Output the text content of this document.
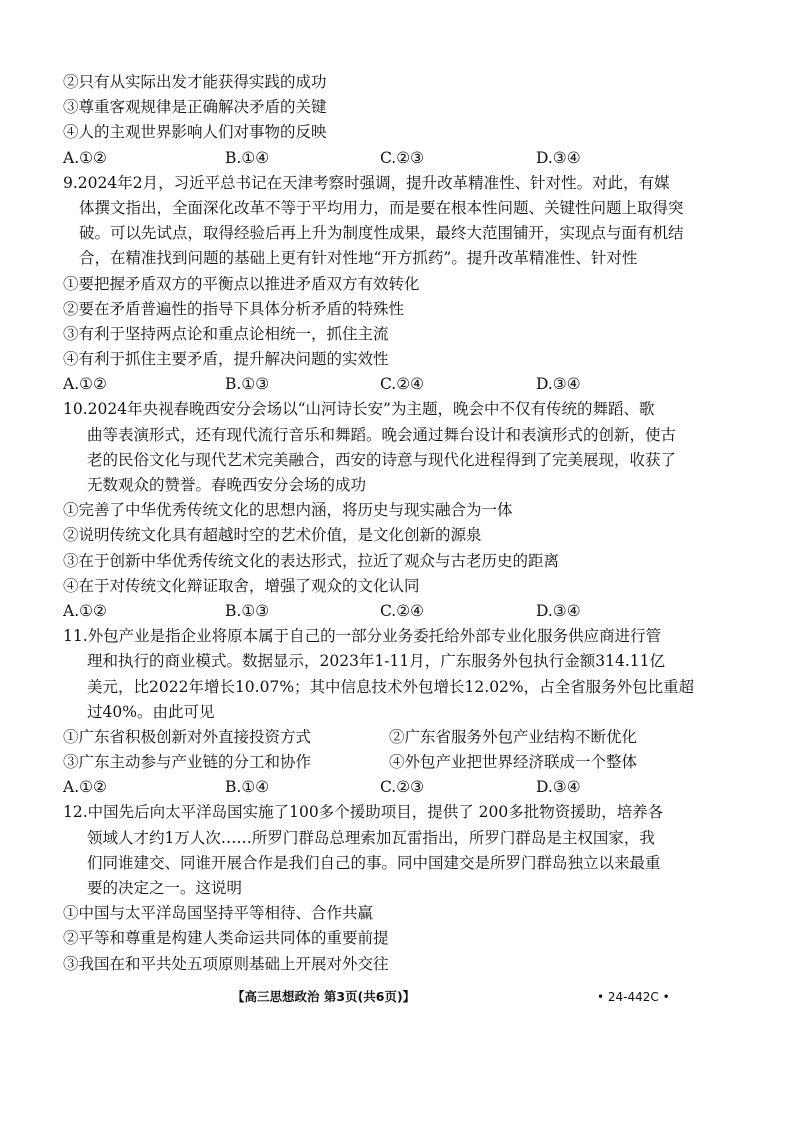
②只有从实际出发才能获得实践的成功
③尊重客观规律是正确解决矛盾的关键
④人的主观世界影响人们对事物的反映
A.①②	B.①④	C.②③	D.③④
9.2024年2月，习近平总书记在天津考察时强调，提升改革精准性、针对性。对此，有媒
体撰文指出，全面深化改革不等于平均用力，而是要在根本性问题、关键性问题上取得突
破。可以先试点，取得经验后再上升为制度性成果，最终大范围铺开，实现点与面有机结
合，在精准找到问题的基础上更有针对性地“开方抓药”。提升改革精准性、针对性
①要把握矛盾双方的平衡点以推进矛盾双方有效转化
②要在矛盾普遍性的指导下具体分析矛盾的特殊性
③有利于坚持两点论和重点论相统一，抓住主流
④有利于抓住主要矛盾，提升解决问题的实效性
A.①②	B.①③	C.②④	D.③④
10.2024年央视春晚西安分会场以“山河诗长安”为主题，晚会中不仅有传统的舞蹈、歌
曲等表演形式，还有现代流行音乐和舞蹈。晚会通过舞台设计和表演形式的创新，使古
老的民俗文化与现代艺术完美融合，西安的诗意与现代化进程得到了完美展现，收获了
无数观众的赞誉。春晚西安分会场的成功
①完善了中华优秀传统文化的思想内涵，将历史与现实融合为一体
②说明传统文化具有超越时空的艺术价值，是文化创新的源泉
③在于创新中华优秀传统文化的表达形式，拉近了观众与古老历史的距离
④在于对传统文化辩证取舍，增强了观众的文化认同
A.①②	B.①③	C.②④	D.③④
11.外包产业是指企业将原本属于自己的一部分业务委托给外部专业化服务供应商进行管
理和执行的商业模式。数据显示，2023年1-11月，广东服务外包执行金额314.11亿
美元，比2022年增长10.07%；其中信息技术外包增长12.02%，占全省服务外包比重超
过40%。由此可见
①广东省积极创新对外直接投资方式	②广东省服务外包产业结构不断优化
③广东主动参与产业链的分工和协作	④外包产业把世界经济联成一个整体
A.①②	B.①④	C.②③	D.③④
12.中国先后向太平洋岛国实施了100多个援助项目，提供了 200多批物资援助，培养各
领域人才约1万人次……所罗门群岛总理索加瓦雷指出，所罗门群岛是主权国家，我
们同谁建交、同谁开展合作是我们自己的事。同中国建交是所罗门群岛独立以来最重
要的决定之一。这说明
①中国与太平洋岛国坚持平等相待、合作共赢
②平等和尊重是构建人类命运共同体的重要前提
③我国在和平共处五项原则基础上开展对外交往
【高三思想政治 第3页(共6页)】	• 24-442C •
